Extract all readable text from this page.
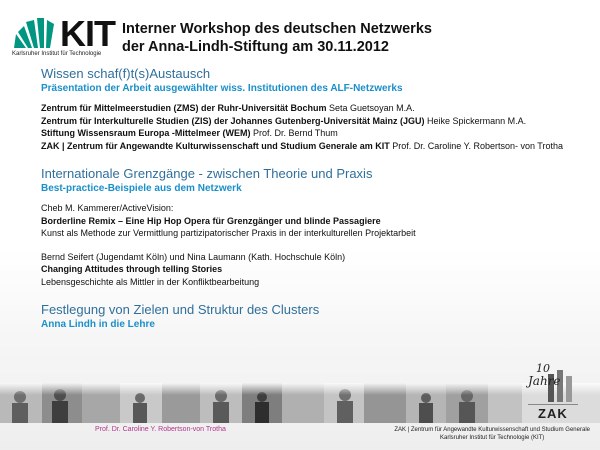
KIT
Karlsruher Institut für Technologie
Interner Workshop des deutschen Netzwerks
der Anna-Lindh-Stiftung am 30.11.2012
Wissen schaf(f)t(s)Austausch
Präsentation der Arbeit ausgewählter wiss. Institutionen des ALF-Netzwerks
Zentrum für Mittelmeerstudien (ZMS) der Ruhr-Universität Bochum Seta Guetsoyan M.A.
Zentrum für Interkulturelle Studien (ZIS) der Johannes Gutenberg-Universität Mainz (JGU) Heike Spickermann M.A.
Stiftung Wissensraum Europa -Mittelmeer (WEM) Prof. Dr. Bernd Thum
ZAK | Zentrum für Angewandte Kulturwissenschaft und Studium Generale am KIT Prof. Dr. Caroline Y. Robertson- von Trotha
Internationale Grenzgänge - zwischen Theorie und Praxis
Best-practice-Beispiele aus dem Netzwerk
Cheb M. Kammerer/ActiveVision:
Borderline Remix – Eine Hip Hop Opera für Grenzgänger und blinde Passagiere
Kunst als Methode zur Vermittlung partizipatorischer Praxis in der interkulturellen Projektarbeit
Bernd Seifert (Jugendamt Köln) und Nina Laumann (Kath. Hochschule Köln)
Changing Attitudes through telling Stories
Lebensgeschichte als Mittler in der Konfliktbearbeitung
Festlegung von Zielen und Struktur des Clusters
Anna Lindh in die Lehre
10
Jahre
ZAK
Prof. Dr. Caroline Y. Robertson-von Trotha	ZAK | Zentrum für Angewandte Kulturwissenschaft und Studium Generale
Karlsruher Institut für Technologie (KIT)
